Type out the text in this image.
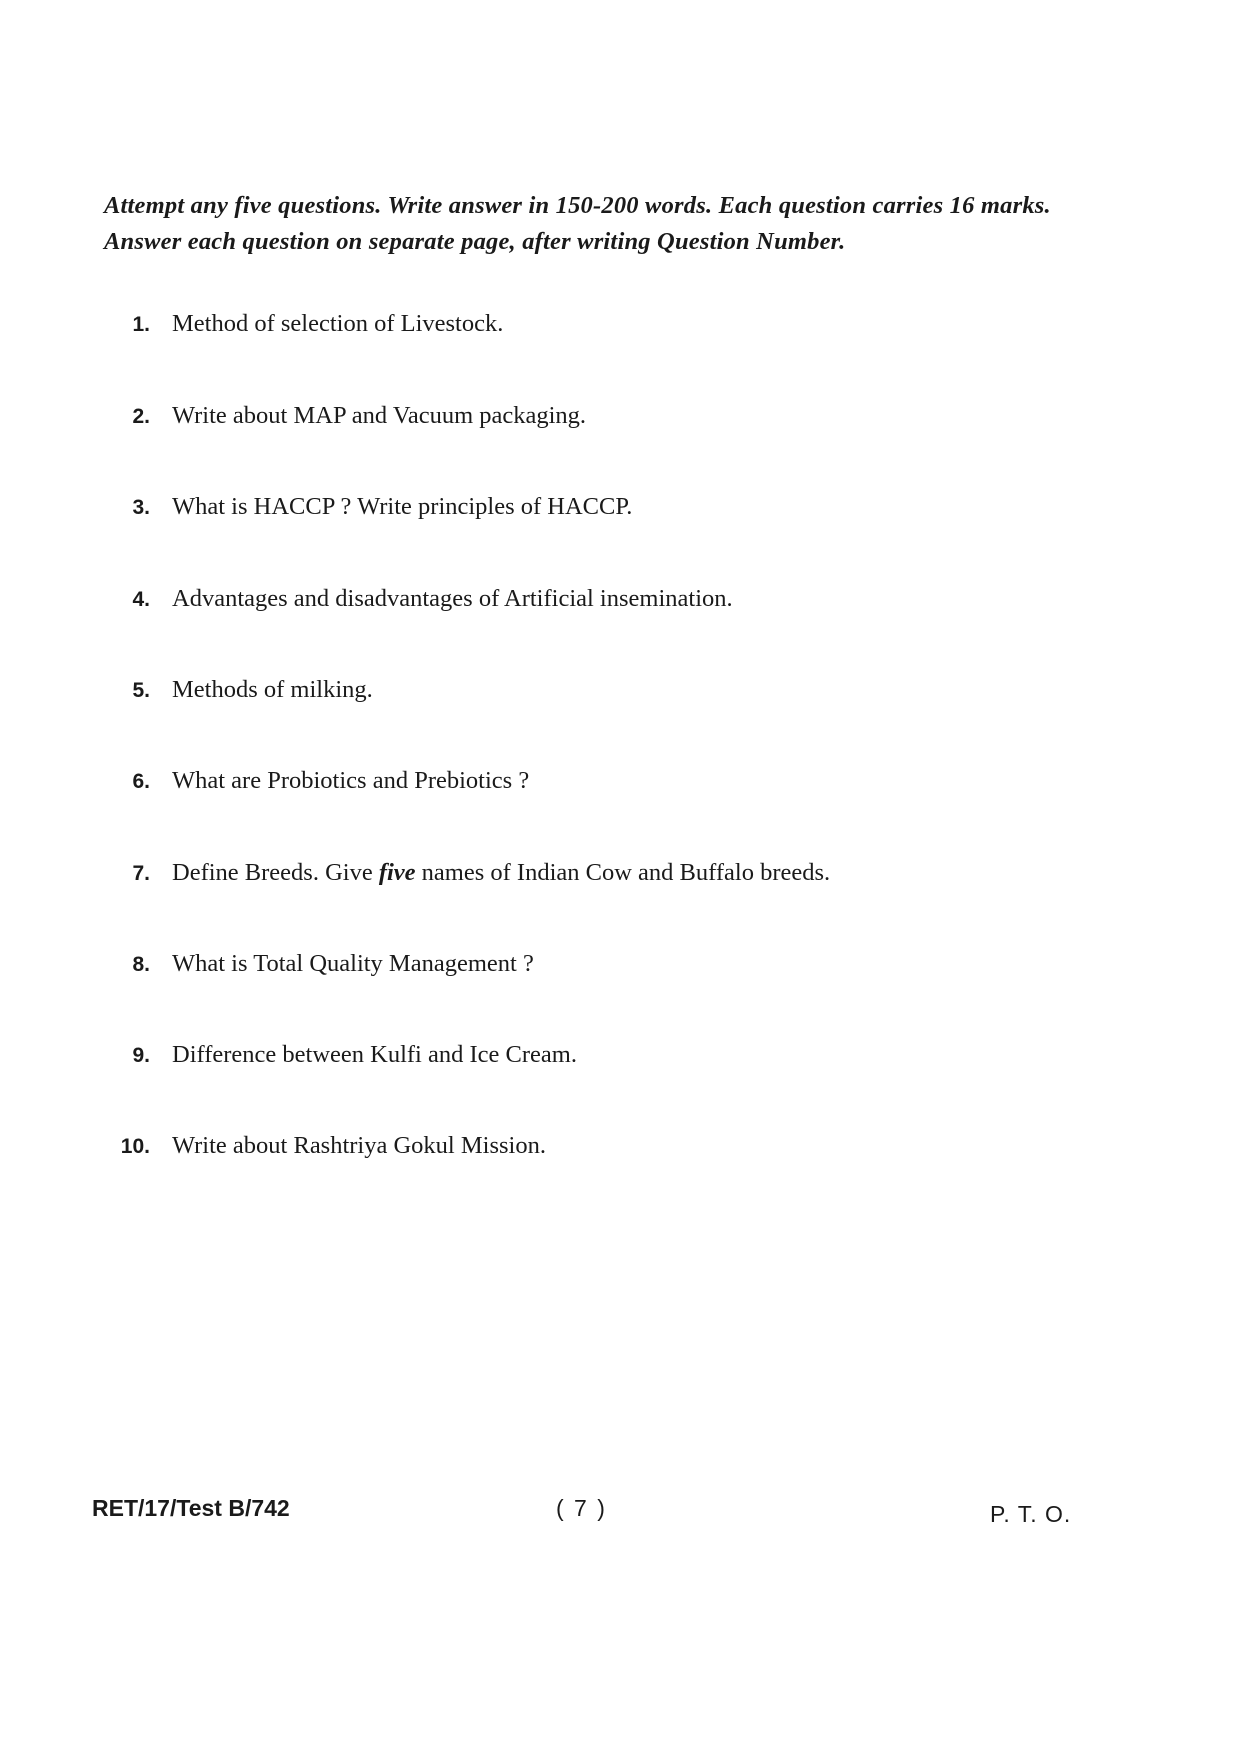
Attempt any five questions. Write answer in 150-200 words. Each question carries 16 marks. Answer each question on separate page, after writing Question Number.

1. Method of selection of Livestock.
2. Write about MAP and Vacuum packaging.
3. What is HACCP ? Write principles of HACCP.
4. Advantages and disadvantages of Artificial insemination.
5. Methods of milking.
6. What are Probiotics and Prebiotics ?
7. Define Breeds. Give five names of Indian Cow and Buffalo breeds.
8. What is Total Quality Management ?
9. Difference between Kulfi and Ice Cream.
10. Write about Rashtriya Gokul Mission.
RET/17/Test B/742	( 7 )	P. T. O.
